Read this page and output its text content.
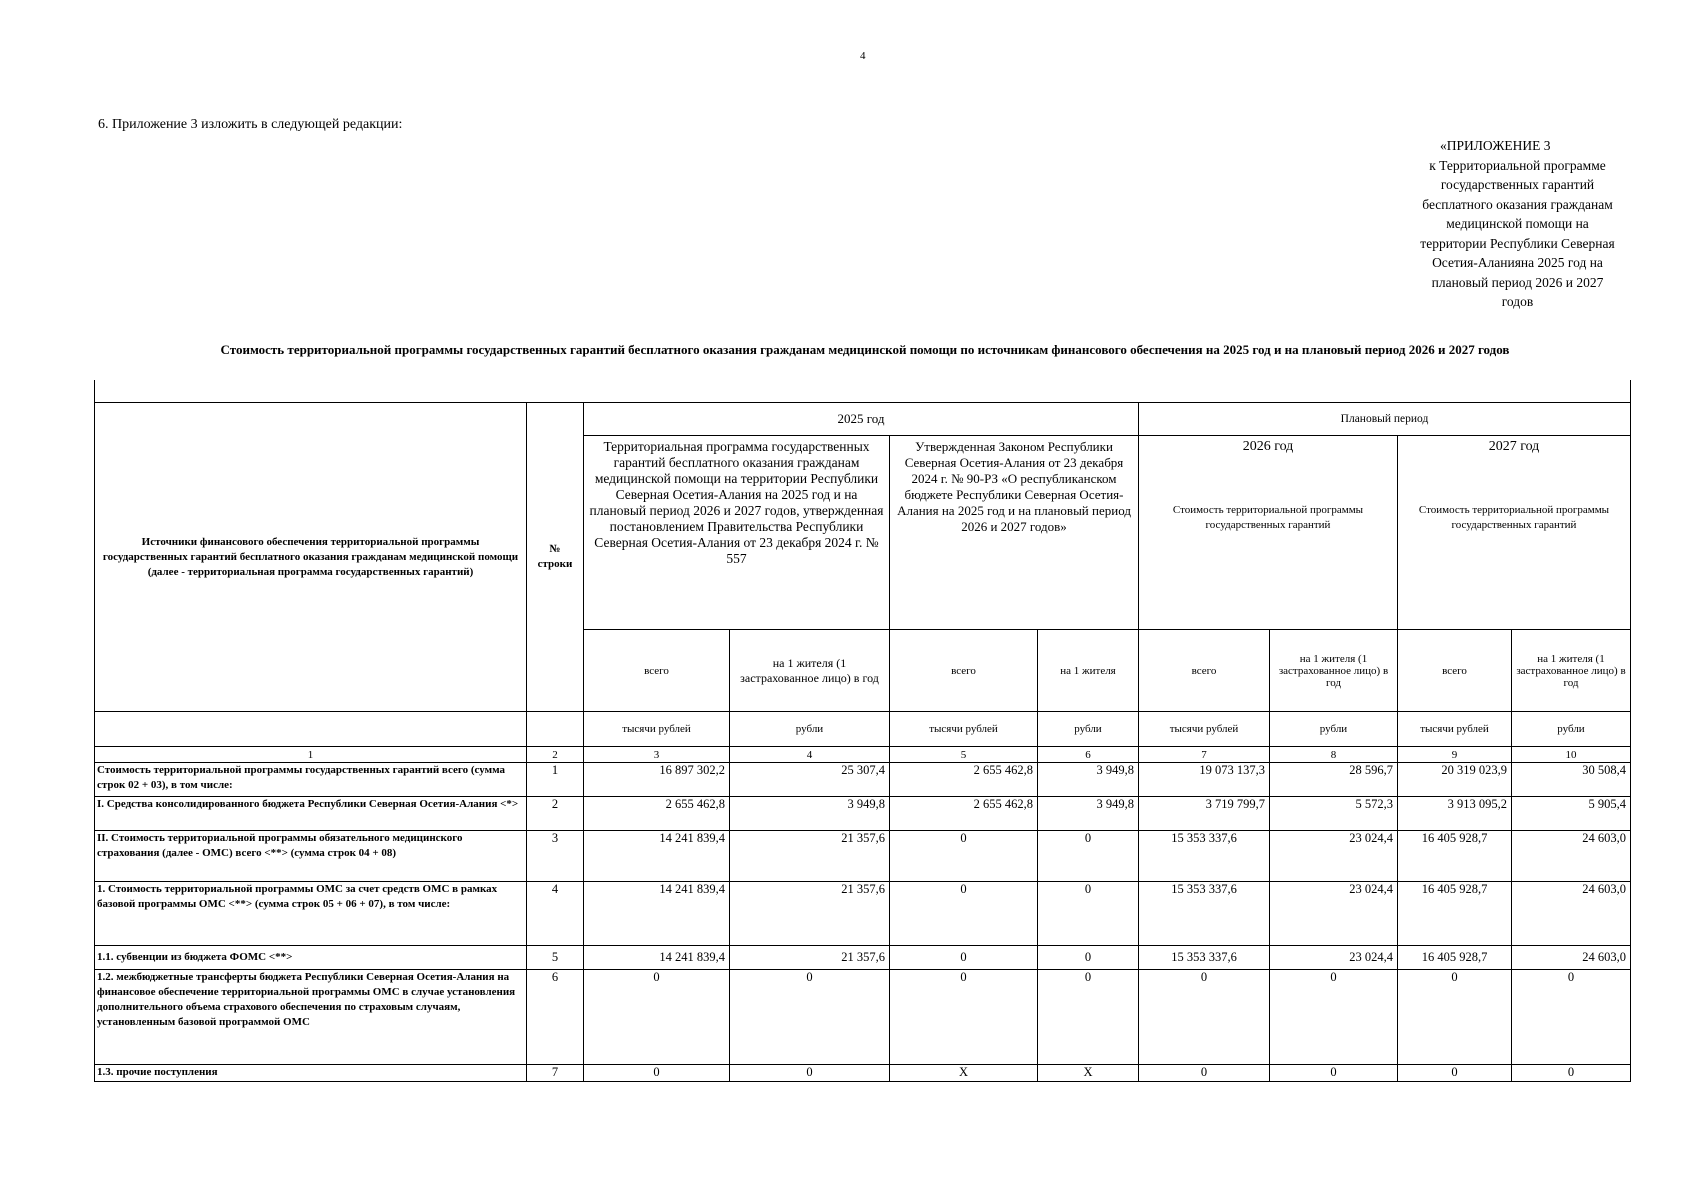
4
6. Приложение 3 изложить в следующей редакции:
«ПРИЛОЖЕНИЕ 3
к Территориальной программе
государственных гарантий
бесплатного оказания гражданам
медицинской помощи на
территории Республики Северная
Осетия-Аланияна 2025 год на
плановый период 2026 и 2027
годов
Стоимость территориальной программы государственных гарантий бесплатного оказания гражданам медицинской помощи по источникам финансового обеспечения на 2025 год и на плановый период 2026 и 2027 годов
Источники финансового обеспечения территориальной программы государственных гарантий бесплатного оказания гражданам медицинской помощи (далее - территориальная программа государственных гарантий)	№ строки	2025 год				Плановый период			
		Территориальная программа государственных гарантий бесплатного оказания гражданам медицинской помощи на территории Республики Северная Осетия-Алания на 2025 год и на плановый период 2026 и 2027 годов, утвержденная постановлением Правительства Республики Северная Осетия-Алания от 23 декабря 2024 г. № 557		Утвержденная Законом Республики Северная Осетия-Алания от 23 декабря 2024 г. № 90-РЗ «О республиканском бюджете Республики Северная Осетия-Алания на 2025 год и на плановый период 2026 и 2027 годов»		2026 год		2027 год	
						Стоимость территориальной программы государственных гарантий		Стоимость территориальной программы государственных гарантий	
		всего	на 1 жителя (1 застрахованное лицо) в год	всего	на 1 жителя	всего	на 1 жителя (1 застрахованное лицо) в год	всего	на 1 жителя (1 застрахованное лицо) в год
		тысячи рублей	рубли	тысячи рублей	рубли	тысячи рублей	рубли	тысячи рублей	рубли
1	2	3	4	5	6	7	8	9	10
Стоимость территориальной программы государственных гарантий всего (сумма строк 02 + 03), в том числе:	1	16 897 302,2	25 307,4	2 655 462,8	3 949,8	19 073 137,3	28 596,7	20 319 023,9	30 508,4
I. Средства консолидированного бюджета Республики Северная Осетия-Алания <*>	2	2 655 462,8	3 949,8	2 655 462,8	3 949,8	3 719 799,7	5 572,3	3 913 095,2	5 905,4
II. Стоимость территориальной программы обязательного медицинского страхования (далее - ОМС) всего <**> (сумма строк 04 + 08)	3	14 241 839,4	21 357,6	0	0	15 353 337,6	23 024,4	16 405 928,7	24 603,0
1. Стоимость территориальной программы ОМС за счет средств ОМС в рамках базовой программы ОМС <**> (сумма строк 05 + 06 + 07), в том числе:	4	14 241 839,4	21 357,6	0	0	15 353 337,6	23 024,4	16 405 928,7	24 603,0
1.1. субвенции из бюджета ФОМС <**>	5	14 241 839,4	21 357,6	0	0	15 353 337,6	23 024,4	16 405 928,7	24 603,0
1.2. межбюджетные трансферты бюджета Республики Северная Осетия-Алания на финансовое обеспечение территориальной программы ОМС в случае установления дополнительного объема страхового обеспечения по страховым случаям, установленным базовой программой ОМС	6	0	0	0	0	0	0	0	0
1.3. прочие поступления	7	0	0	X	X	0	0	0	0
